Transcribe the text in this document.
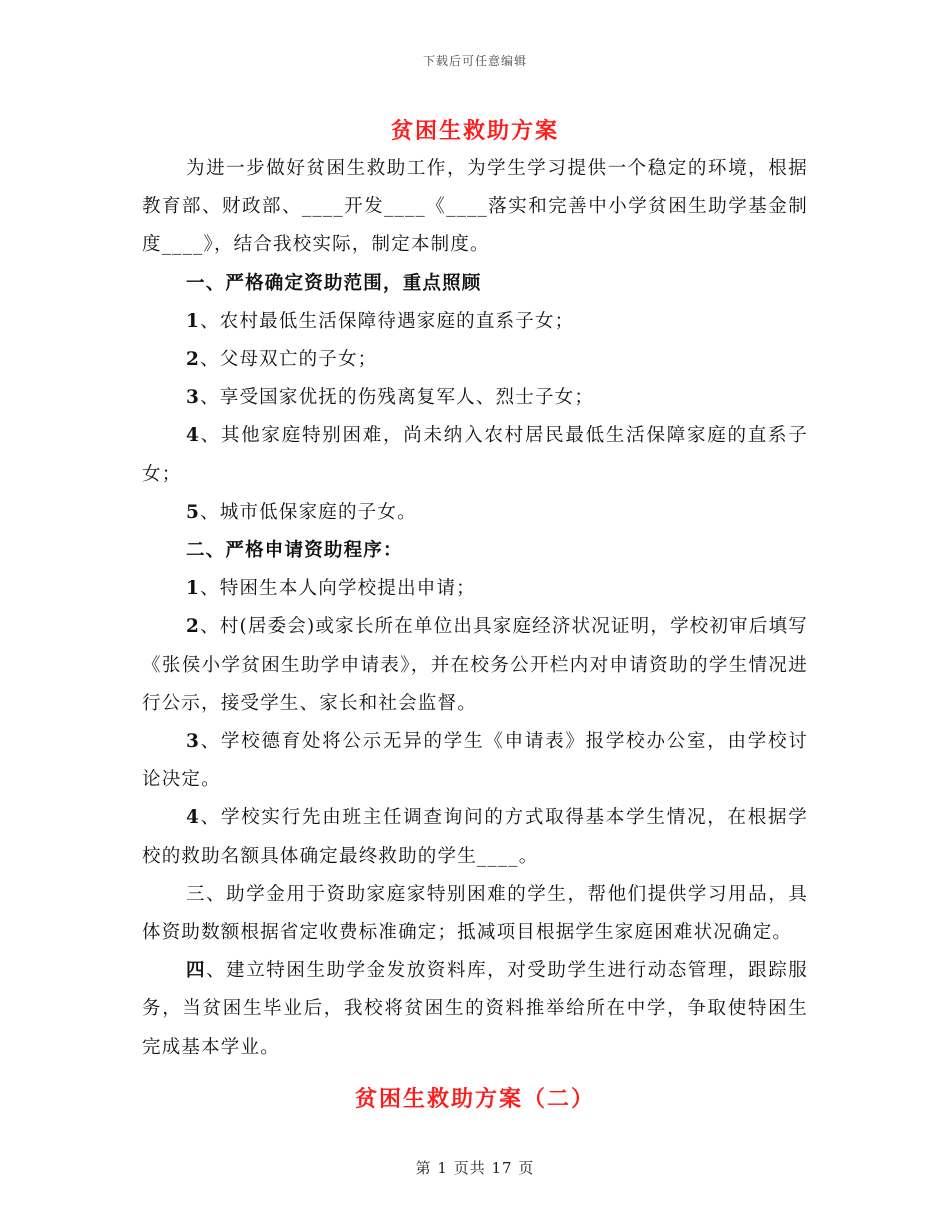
下载后可任意编辑
贫困生救助方案

为进一步做好贫困生救助工作，为学生学习提供一个稳定的环境，根据教育部、财政部、____开发____《____落实和完善中小学贫困生助学基金制度____》，结合我校实际，制定本制度。

一、严格确定资助范围，重点照顾

1、农村最低生活保障待遇家庭的直系子女；

2、父母双亡的子女；

3、享受国家优抚的伤残离复军人、烈士子女；

4、其他家庭特别困难，尚未纳入农村居民最低生活保障家庭的直系子女；

5、城市低保家庭的子女。

二、严格申请资助程序：

1、特困生本人向学校提出申请；

2、村(居委会)或家长所在单位出具家庭经济状况证明，学校初审后填写《张侯小学贫困生助学申请表》，并在校务公开栏内对申请资助的学生情况进行公示，接受学生、家长和社会监督。

3、学校德育处将公示无异的学生《申请表》报学校办公室，由学校讨论决定。

4、学校实行先由班主任调查询问的方式取得基本学生情况，在根据学校的救助名额具体确定最终救助的学生____。

三、助学金用于资助家庭家特别困难的学生，帮他们提供学习用品，具体资助数额根据省定收费标准确定；抵减项目根据学生家庭困难状况确定。

四、建立特困生助学金发放资料库，对受助学生进行动态管理，跟踪服务，当贫困生毕业后，我校将贫困生的资料推举给所在中学，争取使特困生完成基本学业。

贫困生救助方案（二）
第 1 页共 17 页
